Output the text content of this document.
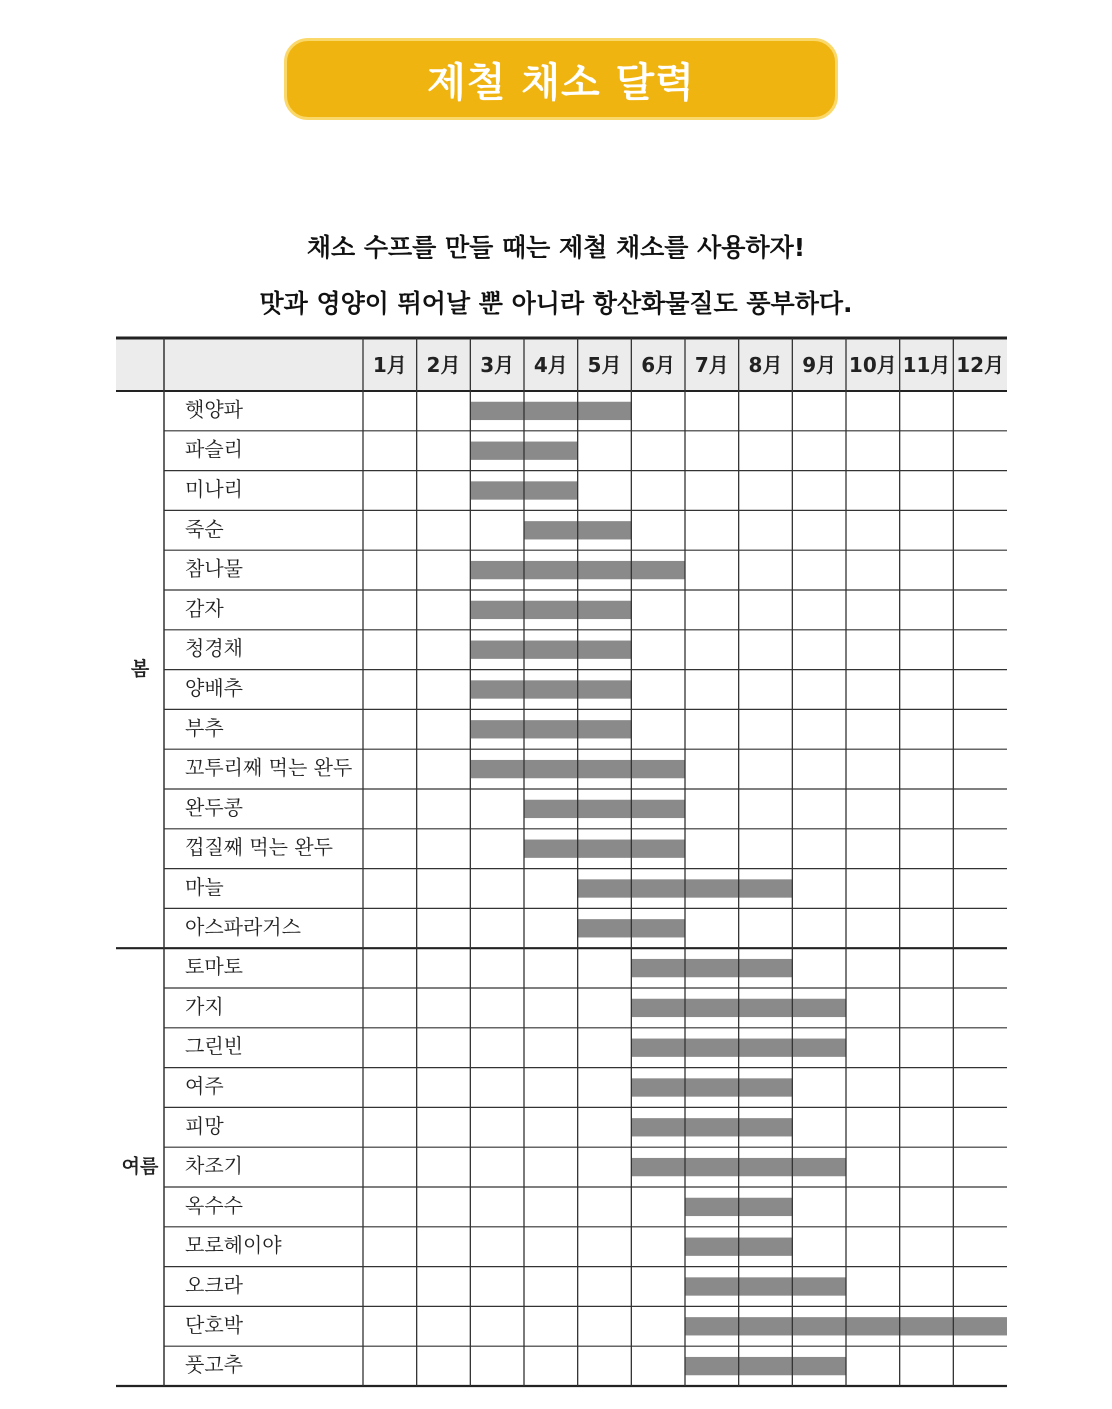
제철 채소 달력
채소 수프를 만들 때는 제철 채소를 사용하자!
맛과 영양이 뛰어날 뿐 아니라 항산화물질도 풍부하다.
1月 2月 3月 4月 5月 6月 7月 8月 9月 10月 11月 12月
햇양파
파슬리
미나리
죽순
참나물
감자
청경채
양배추
부추
꼬투리째 먹는 완두
완두콩
껍질째 먹는 완두
마늘
아스파라거스
봄
토마토
가지
그린빈
여주
피망
차조기
옥수수
모로헤이야
오크라
단호박
풋고추
여름
